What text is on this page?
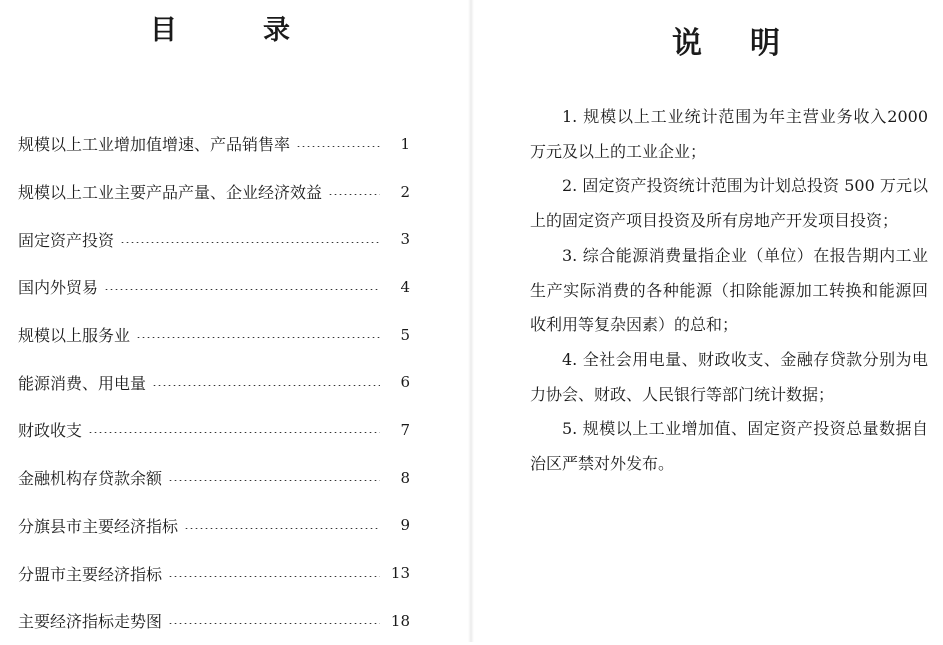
目	录
规模以上工业增加值增速、产品销售率	1
规模以上工业主要产品产量、企业经济效益	2
固定资产投资	3
国内外贸易	4
规模以上服务业	5
能源消费、用电量	6
财政收支	7
金融机构存贷款余额	8
分旗县市主要经济指标	9
分盟市主要经济指标	13
主要经济指标走势图	18
说 明

1. 规模以上工业统计范围为年主营业务收入2000 万元及以上的工业企业；

2. 固定资产投资统计范围为计划总投资 500 万元以上的固定资产项目投资及所有房地产开发项目投资；

3. 综合能源消费量指企业（单位）在报告期内工业生产实际消费的各种能源（扣除能源加工转换和能源回收利用等复杂因素）的总和；

4. 全社会用电量、财政收支、金融存贷款分别为电力协会、财政、人民银行等部门统计数据；

5. 规模以上工业增加值、固定资产投资总量数据自治区严禁对外发布。
